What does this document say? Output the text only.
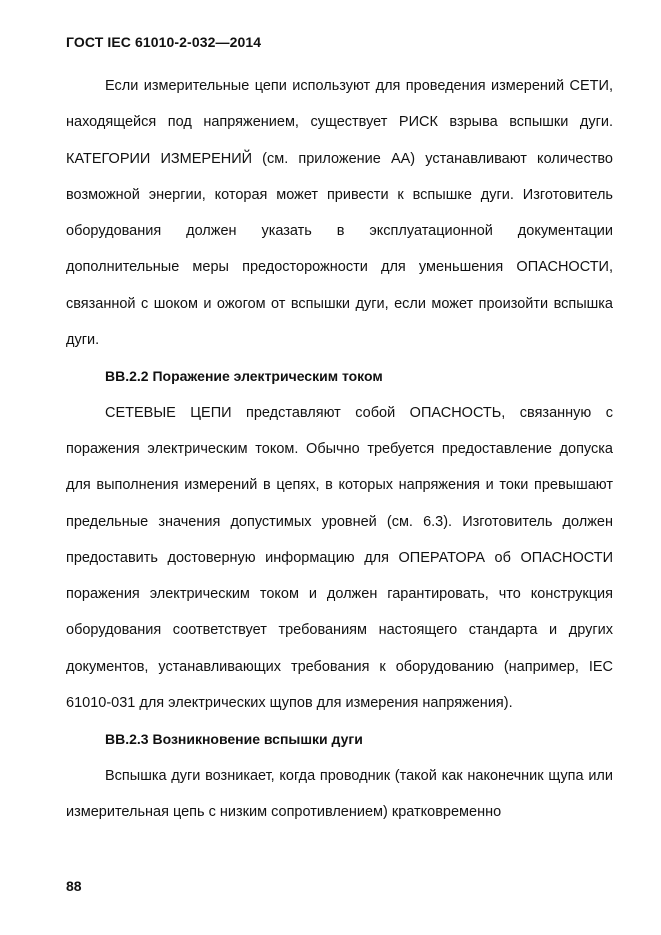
ГОСТ IEC 61010-2-032—2014

Если измерительные цепи используют для проведения измерений СЕТИ, находящейся под напряжением, существует РИСК взрыва вспышки дуги. КАТЕГОРИИ ИЗМЕРЕНИЙ (см. приложение АА) устанавливают количество возможной энергии, которая может привести к вспышке дуги. Изготовитель оборудования должен указать в эксплуатационной документации дополнительные меры предосторожности для уменьшения ОПАСНОСТИ, связанной с шоком и ожогом от вспышки дуги, если может произойти вспышка дуги.

ВВ.2.2 Поражение электрическим током

СЕТЕВЫЕ ЦЕПИ представляют собой ОПАСНОСТЬ, связанную с поражения электрическим током. Обычно требуется предоставление допуска для выполнения измерений в цепях, в которых напряжения и токи превышают предельные значения допустимых уровней (см. 6.3). Изготовитель должен предоставить достоверную информацию для ОПЕРАТОРА об ОПАСНОСТИ поражения электрическим током и должен гарантировать, что конструкция оборудования соответствует требованиям настоящего стандарта и других документов, устанавливающих требования к оборудованию (например, IEC 61010-031 для электрических щупов для измерения напряжения).

ВВ.2.3 Возникновение вспышки дуги

Вспышка дуги возникает, когда проводник (такой как наконечник щупа или измерительная цепь с низким сопротивлением) кратковременно

88
